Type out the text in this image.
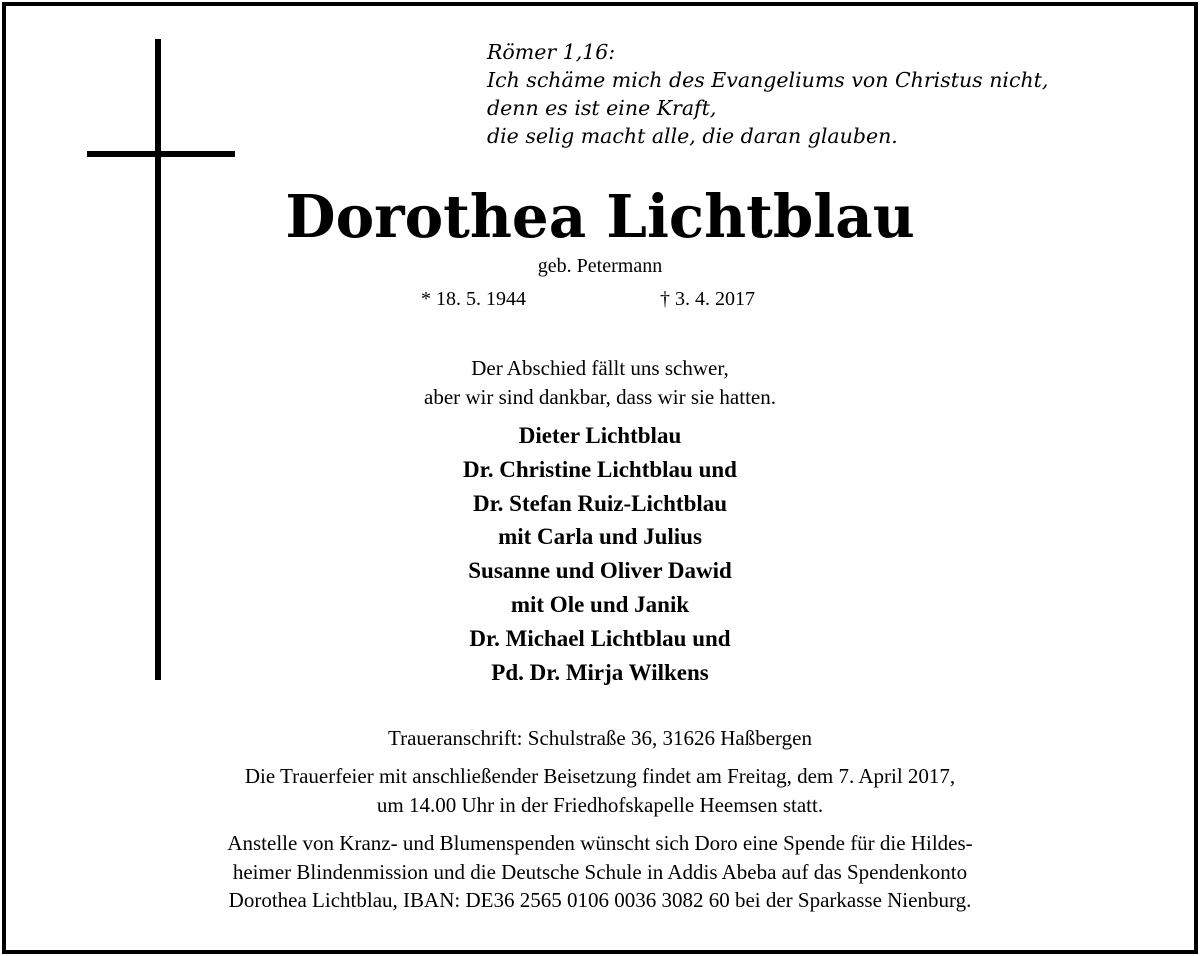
Römer 1,16:
Ich schäme mich des Evangeliums von Christus nicht,
denn es ist eine Kraft,
die selig macht alle, die daran glauben.
Dorothea Lichtblau
geb. Petermann
* 18. 5. 1944	† 3. 4. 2017
Der Abschied fällt uns schwer,
aber wir sind dankbar, dass wir sie hatten.
Dieter Lichtblau
Dr. Christine Lichtblau und
Dr. Stefan Ruiz-Lichtblau
mit Carla und Julius
Susanne und Oliver Dawid
mit Ole und Janik
Dr. Michael Lichtblau und
Pd. Dr. Mirja Wilkens
Traueranschrift: Schulstraße 36, 31626 Haßbergen
Die Trauerfeier mit anschließender Beisetzung findet am Freitag, dem 7. April 2017,
um 14.00 Uhr in der Friedhofskapelle Heemsen statt.
Anstelle von Kranz- und Blumenspenden wünscht sich Doro eine Spende für die Hildes-
heimer Blindenmission und die Deutsche Schule in Addis Abeba auf das Spendenkonto
Dorothea Lichtblau, IBAN: DE36 2565 0106 0036 3082 60 bei der Sparkasse Nienburg.
